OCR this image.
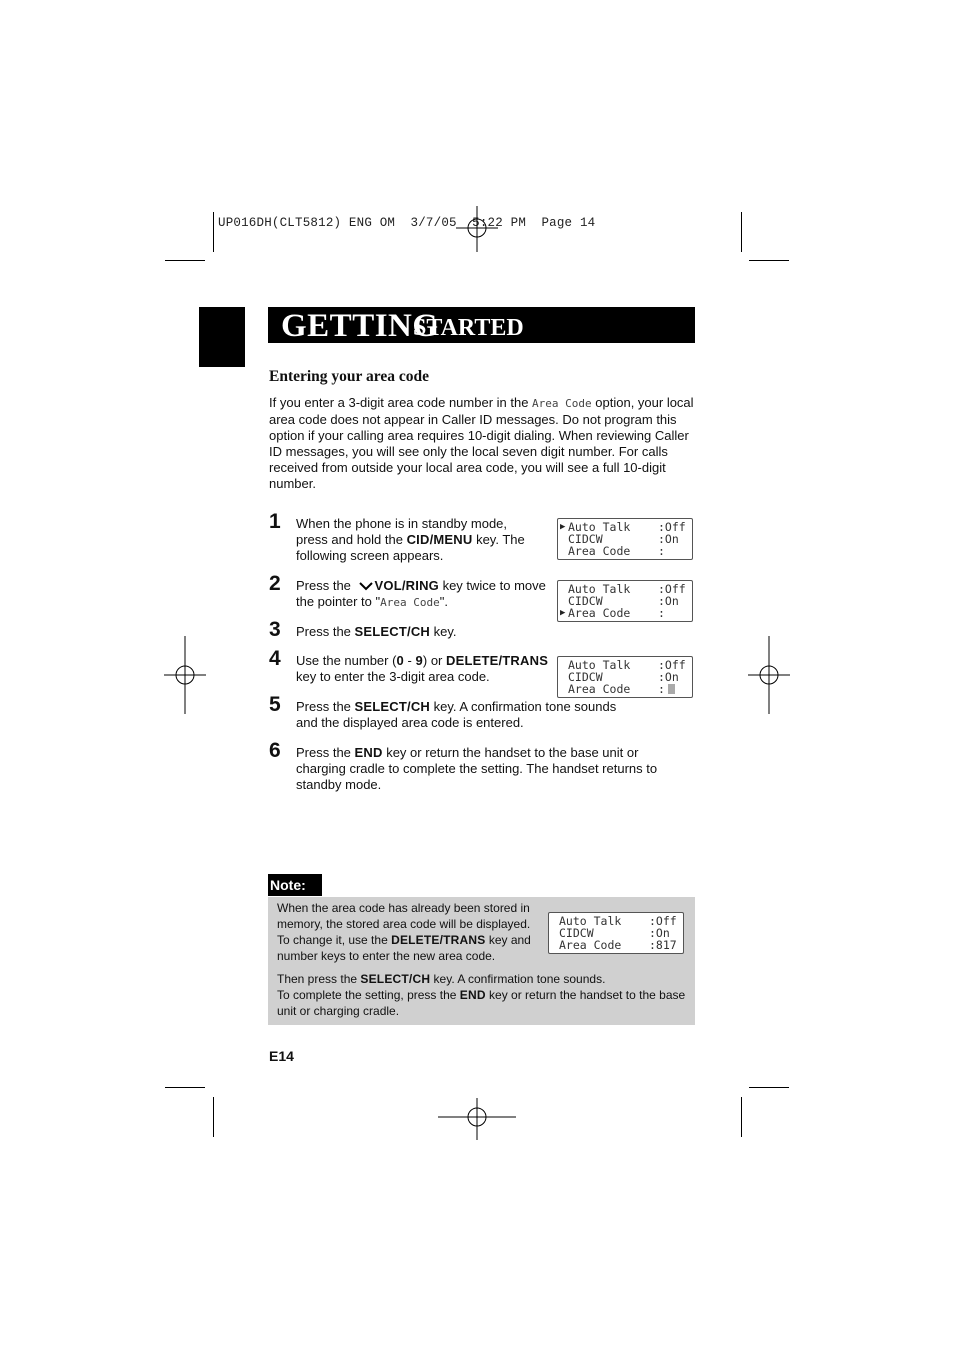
UP016DH(CLT5812) ENG OM  3/7/05  5:22 PM  Page 14
GETTING
STARTED
Entering your area code
If you enter a 3-digit area code number in the Area Code option, your local area code does not appear in Caller ID messages. Do not program this option if your calling area requires 10-digit dialing. When reviewing Caller ID messages, you will see only the local seven digit number. For calls received from outside your local area code, you will see a full 10-digit number.
1 When the phone is in standby mode, press and hold the CID/MENU key. The following screen appears.
2 Press the VOL/RING key twice to move the pointer to "Area Code".
3 Press the SELECT/CH key.
4 Use the number (0 - 9) or DELETE/TRANS key to enter the 3-digit area code.
5 Press the SELECT/CH key. A confirmation tone sounds and the displayed area code is entered.
6 Press the END key or return the handset to the base unit or charging cradle to complete the setting. The handset returns to standby mode.
▶ Auto Talk :Off
CIDCW	:On
Area Code :
Auto Talk :Off
CIDCW	:On
▶ Area Code :
Auto Talk :Off
CIDCW	:On
Area Code :
Note:
When the area code has already been stored in memory, the stored area code will be displayed. To change it, use the DELETE/TRANS key and number keys to enter the new area code.
Auto Talk :Off
CIDCW	:On
Area Code :817
Then press the SELECT/CH key. A confirmation tone sounds.
To complete the setting, press the END key or return the handset to the base unit or charging cradle.
E14
